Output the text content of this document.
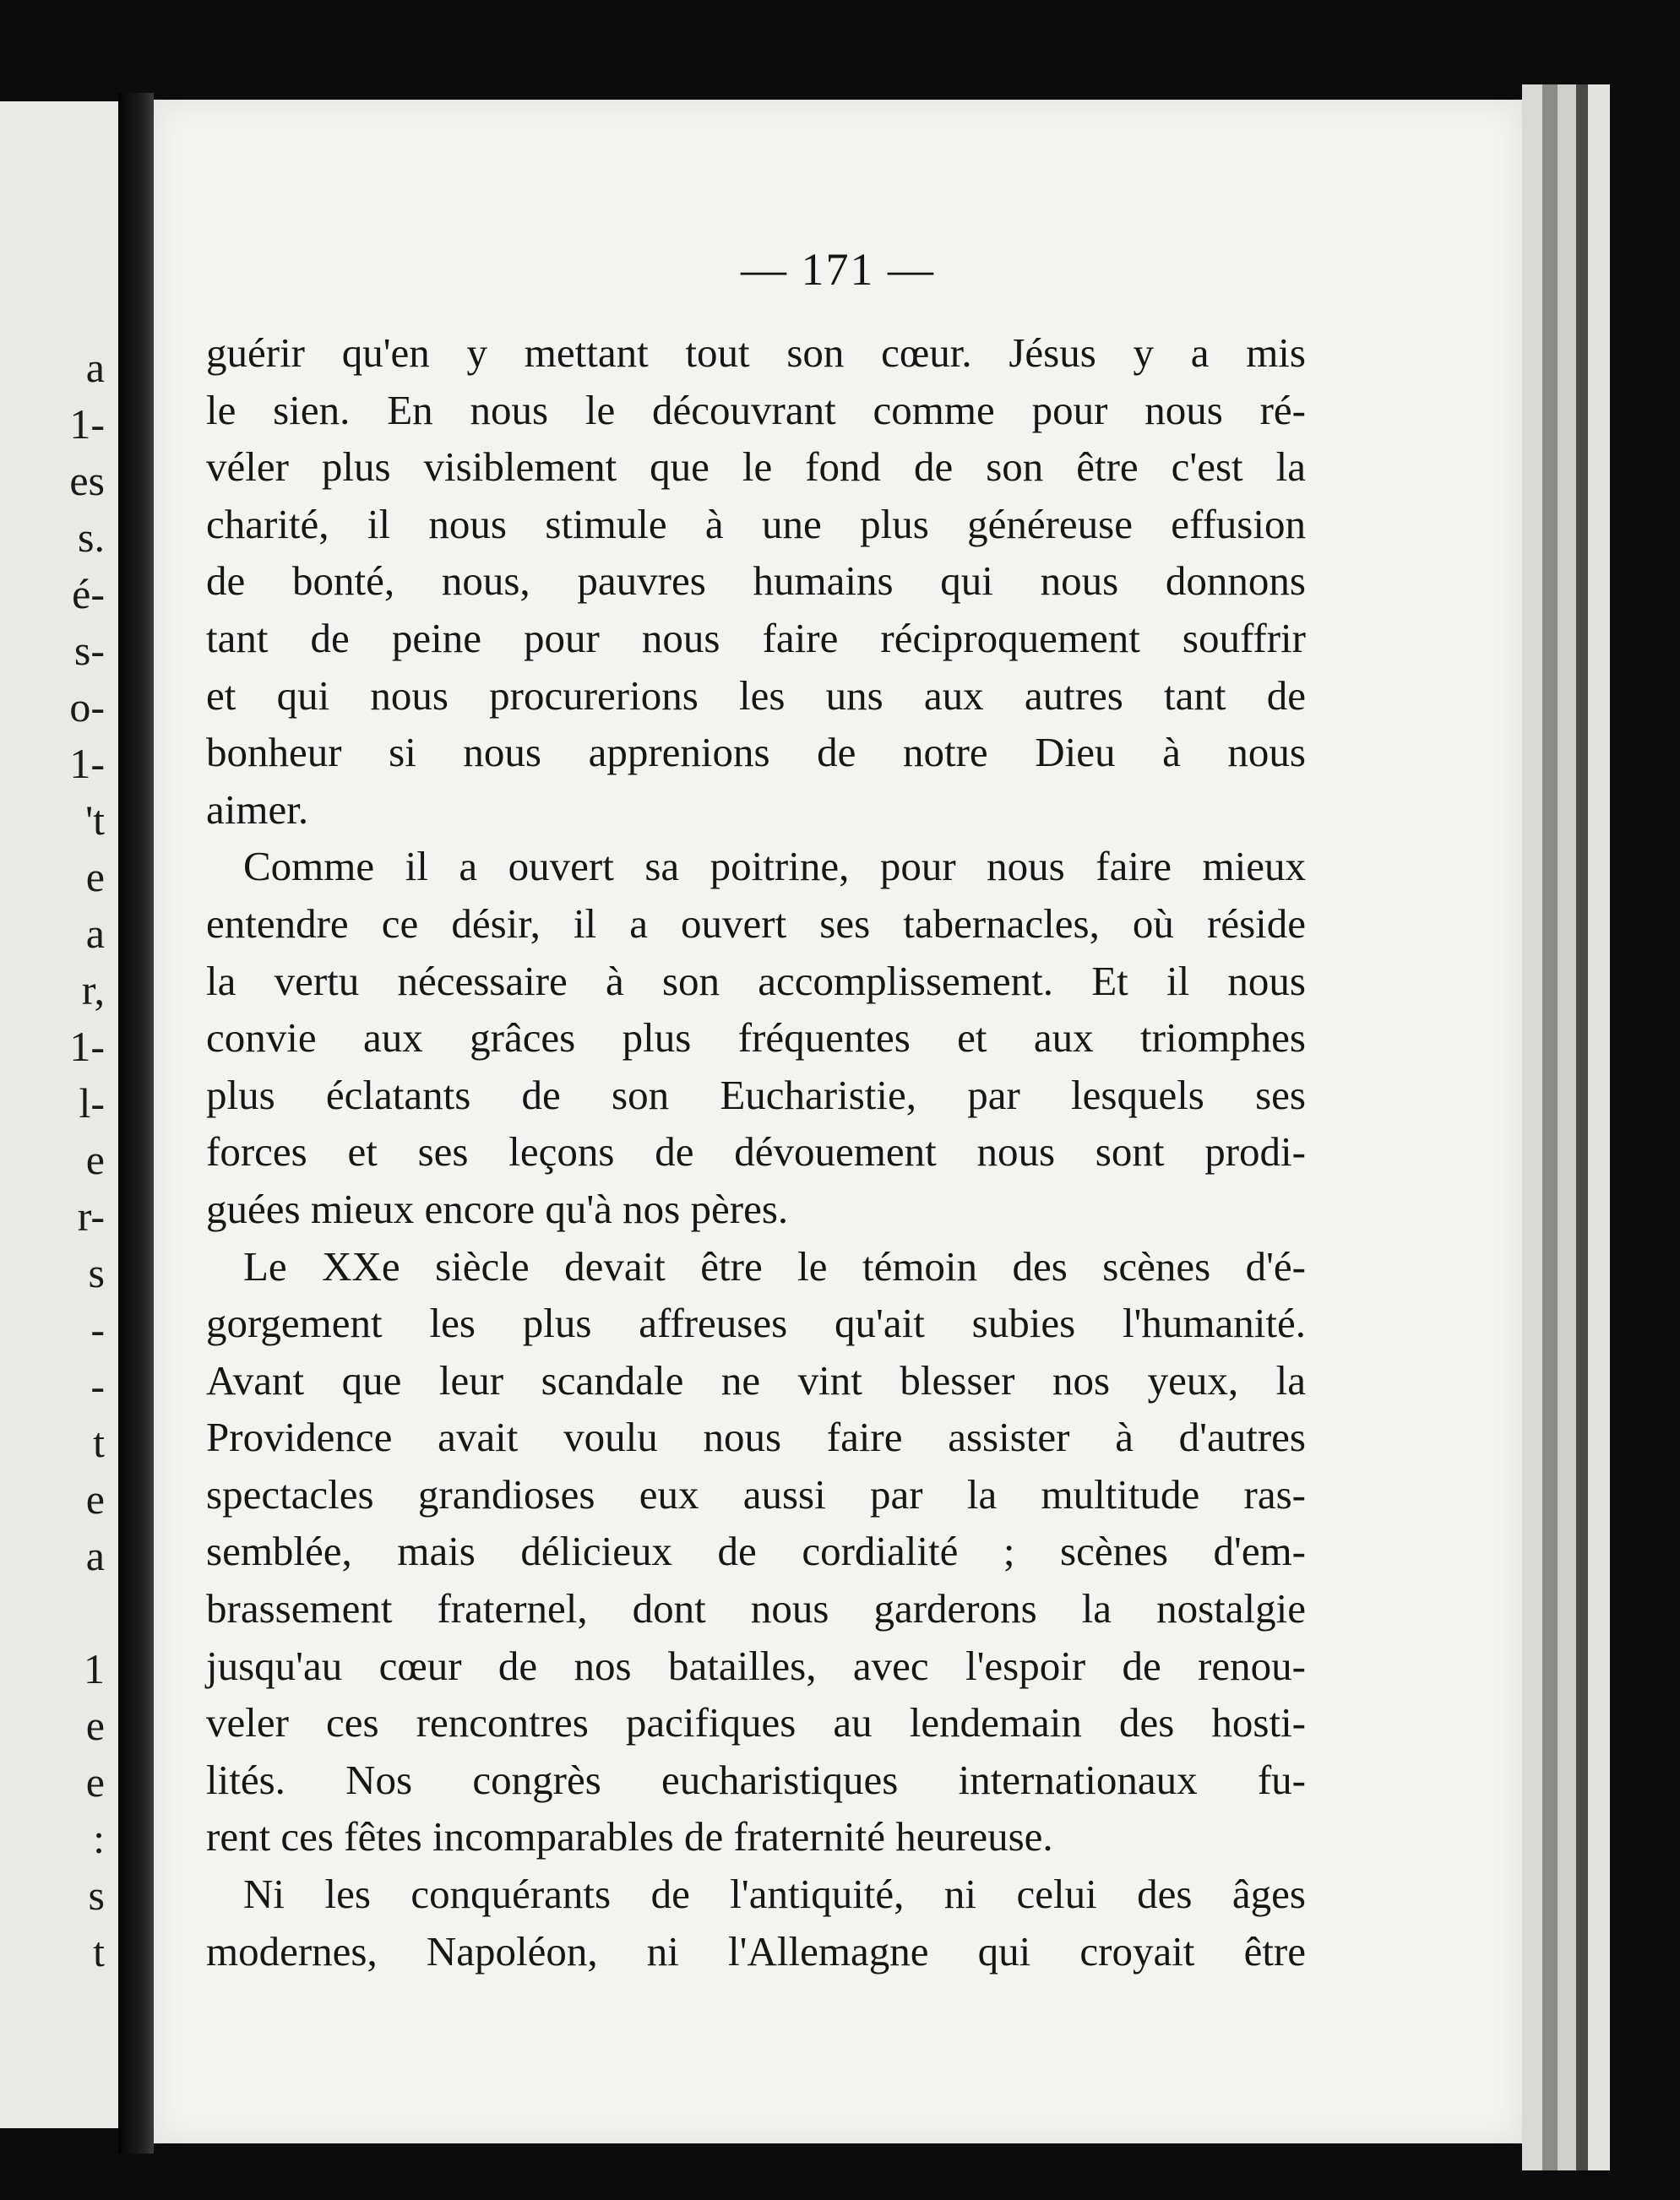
a
1-
es
s.
é-
s-
o-
1-
't
e
a
r,
1-
l-
e
r-
s
-
-
t
e
a
1
e
e
:
s
t
— 171 —
guérir qu'en y mettant tout son cœur. Jésus y a mis
le sien. En nous le découvrant comme pour nous ré-
véler plus visiblement que le fond de son être c'est la
charité, il nous stimule à une plus généreuse effusion
de bonté, nous, pauvres humains qui nous donnons
tant de peine pour nous faire réciproquement souffrir
et qui nous procurerions les uns aux autres tant de
bonheur si nous apprenions de notre Dieu à nous
aimer.
Comme il a ouvert sa poitrine, pour nous faire mieux
entendre ce désir, il a ouvert ses tabernacles, où réside
la vertu nécessaire à son accomplissement. Et il nous
convie aux grâces plus fréquentes et aux triomphes
plus éclatants de son Eucharistie, par lesquels ses
forces et ses leçons de dévouement nous sont prodi-
guées mieux encore qu'à nos pères.
Le XXe siècle devait être le témoin des scènes d'é-
gorgement les plus affreuses qu'ait subies l'humanité.
Avant que leur scandale ne vint blesser nos yeux, la
Providence avait voulu nous faire assister à d'autres
spectacles grandioses eux aussi par la multitude ras-
semblée, mais délicieux de cordialité ; scènes d'em-
brassement fraternel, dont nous garderons la nostalgie
jusqu'au cœur de nos batailles, avec l'espoir de renou-
veler ces rencontres pacifiques au lendemain des hosti-
lités. Nos congrès eucharistiques internationaux fu-
rent ces fêtes incomparables de fraternité heureuse.
Ni les conquérants de l'antiquité, ni celui des âges
modernes, Napoléon, ni l'Allemagne qui croyait être
